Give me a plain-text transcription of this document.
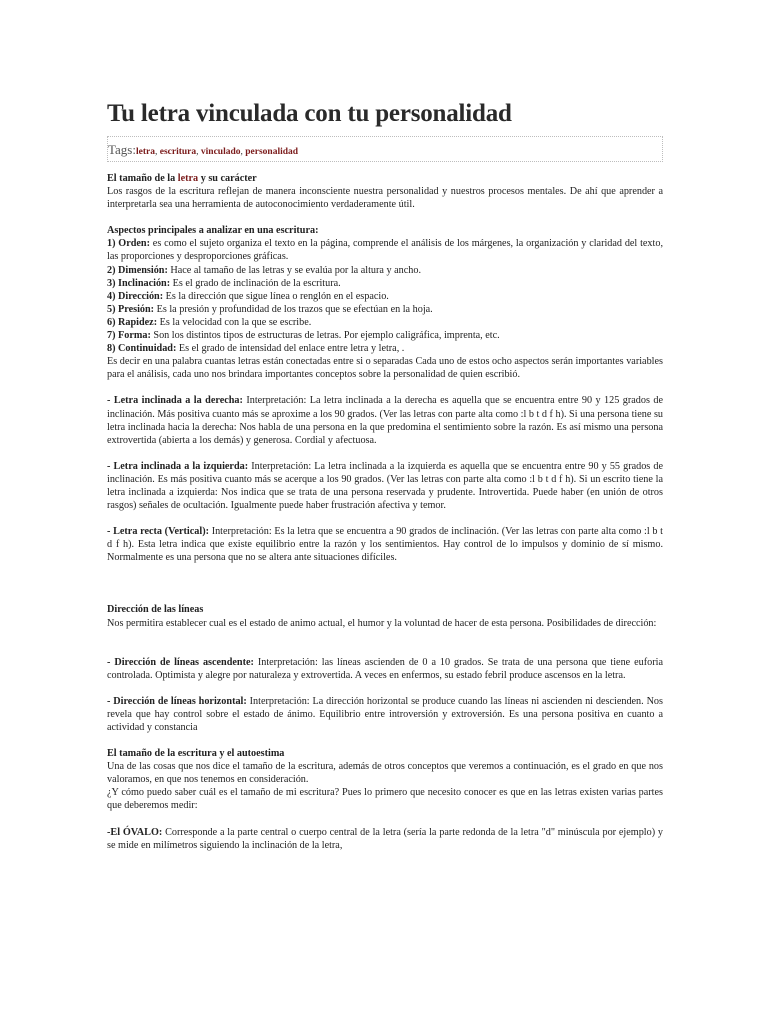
Tu letra vinculada con tu personalidad
Tags:letra, escritura, vinculado, personalidad

El tamaño de la letra y su carácter

Los rasgos de la escritura reflejan de manera inconsciente nuestra personalidad y nuestros procesos mentales. De ahí que aprender a interpretarla sea una herramienta de autoconocimiento verdaderamente útil.

Aspectos principales a analizar en una escritura:

1) Orden: es como el sujeto organiza el texto en la página, comprende el análisis de los márgenes, la organización y claridad del texto, las proporciones y desproporciones gráficas.

2) Dimensión: Hace al tamaño de las letras y se evalúa por la altura y ancho.

3) Inclinación: Es el grado de inclinación de la escritura.

4) Dirección: Es la dirección que sigue línea o renglón en el espacio.

5) Presión: Es la presión y profundidad de los trazos que se efectúan en la hoja.

6) Rapidez: Es la velocidad con la que se escribe.

7) Forma: Son los distintos tipos de estructuras de letras. Por ejemplo caligráfica, imprenta, etc.

8) Continuidad: Es el grado de intensidad del enlace entre letra y letra, .

Es decir en una palabra cuantas letras están conectadas entre si o separadas Cada uno de estos ocho aspectos serán importantes variables para el análisis, cada uno nos brindara importantes conceptos sobre la personalidad de quien escribió.

- Letra inclinada a la derecha: Interpretación: La letra inclinada a la derecha es aquella que se encuentra entre 90 y 125 grados de inclinación. Más positiva cuanto más se aproxime a los 90 grados. (Ver las letras con parte alta como :l b t d f h). Si una persona tiene su letra inclinada hacia la derecha: Nos habla de una persona en la que predomina el sentimiento sobre la razón. Es así mismo una persona extrovertida (abierta a los demás) y generosa. Cordial y afectuosa.

- Letra inclinada a la izquierda: Interpretación: La letra inclinada a la izquierda es aquella que se encuentra entre 90 y 55 grados de inclinación. Es más positiva cuanto más se acerque a los 90 grados. (Ver las letras con parte alta como :l b t d f h). Si un escrito tiene la letra inclinada a izquierda: Nos indica que se trata de una persona reservada y prudente. Introvertida. Puede haber (en unión de otros rasgos) señales de ocultación. Igualmente puede haber frustración afectiva y temor.

- Letra recta (Vertical): Interpretación: Es la letra que se encuentra a 90 grados de inclinación. (Ver las letras con parte alta como :l b t d f h). Esta letra indica que existe equilibrio entre la razón y los sentimientos. Hay control de lo impulsos y dominio de sí mismo. Normalmente es una persona que no se altera ante situaciones difíciles.

Dirección de las líneas

Nos permitira establecer cual es el estado de animo actual, el humor y la voluntad de hacer de esta persona. Posibilidades de dirección:

- Dirección de líneas ascendente: Interpretación: las líneas ascienden de 0 a 10 grados. Se trata de una persona que tiene euforia controlada. Optimista y alegre por naturaleza y extrovertida. A veces en enfermos, su estado febril produce ascensos en la letra.

- Dirección de líneas horizontal: Interpretación: La dirección horizontal se produce cuando las líneas ni ascienden ni descienden. Nos revela que hay control sobre el estado de ánimo. Equilibrio entre introversión y extroversión. Es una persona positiva en cuanto a actividad y constancia

El tamaño de la escritura y el autoestima

Una de las cosas que nos dice el tamaño de la escritura, además de otros conceptos que veremos a continuación, es el grado en que nos valoramos, en que nos tenemos en consideración.

¿Y cómo puedo saber cuál es el tamaño de mi escritura? Pues lo primero que necesito conocer es que en las letras existen varias partes que deberemos medir:

-El ÓVALO: Corresponde a la parte central o cuerpo central de la letra (sería la parte redonda de la letra "d" minúscula por ejemplo) y se mide en milímetros siguiendo la inclinación de la letra,
